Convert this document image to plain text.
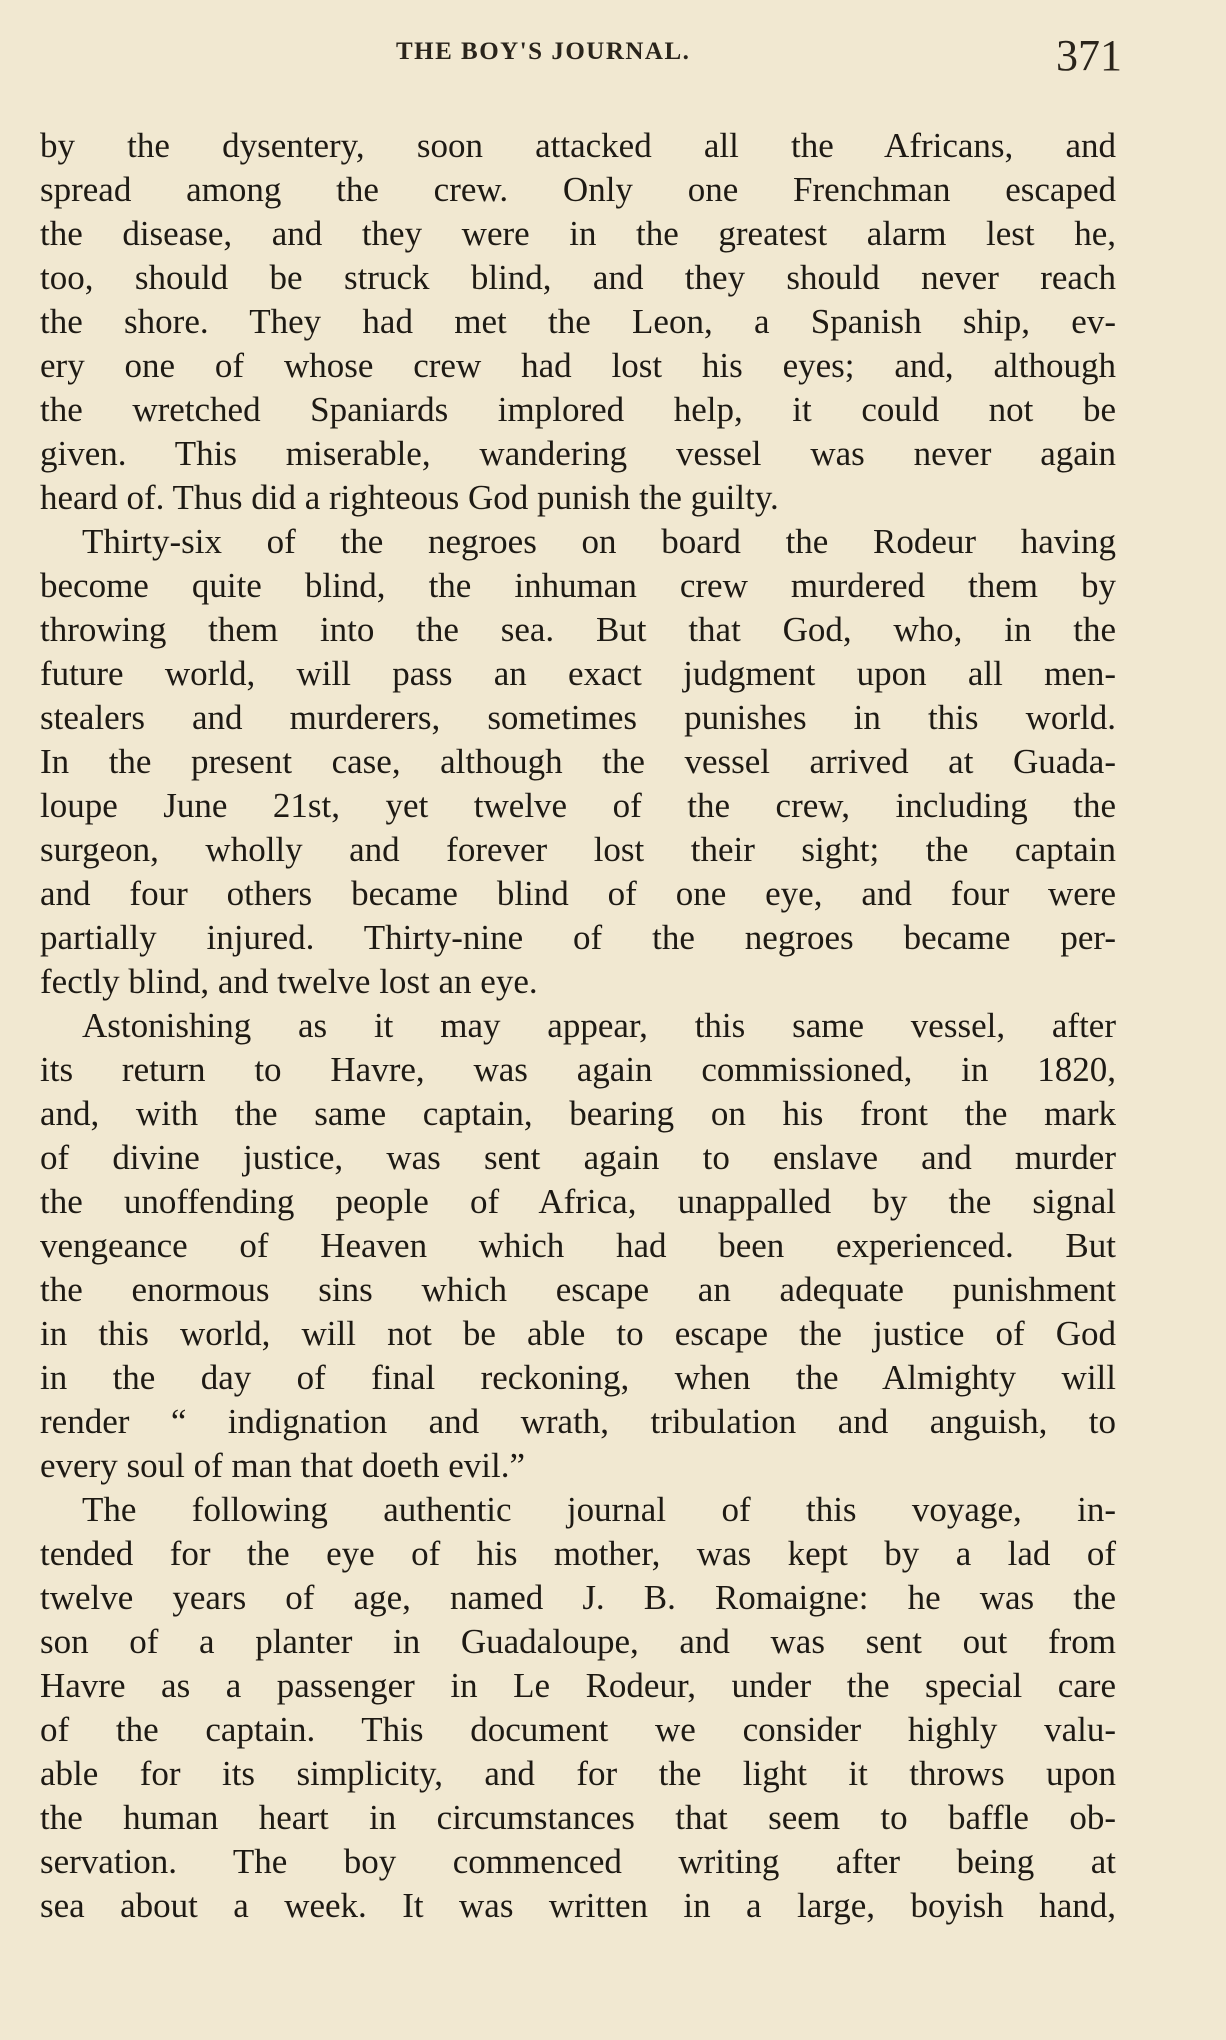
THE BOY'S JOURNAL.	371
by the dysentery, soon attacked all the Africans, and
spread among the crew. Only one Frenchman escaped
the disease, and they were in the greatest alarm lest he,
too, should be struck blind, and they should never reach
the shore. They had met the Leon, a Spanish ship, ev-
ery one of whose crew had lost his eyes; and, although
the wretched Spaniards implored help, it could not be
given. This miserable, wandering vessel was never again
heard of. Thus did a righteous God punish the guilty.
Thirty-six of the negroes on board the Rodeur having
become quite blind, the inhuman crew murdered them by
throwing them into the sea. But that God, who, in the
future world, will pass an exact judgment upon all men-
stealers and murderers, sometimes punishes in this world.
In the present case, although the vessel arrived at Guada-
loupe June 21st, yet twelve of the crew, including the
surgeon, wholly and forever lost their sight; the captain
and four others became blind of one eye, and four were
partially injured. Thirty-nine of the negroes became per-
fectly blind, and twelve lost an eye.
Astonishing as it may appear, this same vessel, after
its return to Havre, was again commissioned, in 1820,
and, with the same captain, bearing on his front the mark
of divine justice, was sent again to enslave and murder
the unoffending people of Africa, unappalled by the signal
vengeance of Heaven which had been experienced. But
the enormous sins which escape an adequate punishment
in this world, will not be able to escape the justice of God
in the day of final reckoning, when the Almighty will
render “ indignation and wrath, tribulation and anguish, to
every soul of man that doeth evil.”
The following authentic journal of this voyage, in-
tended for the eye of his mother, was kept by a lad of
twelve years of age, named J. B. Romaigne: he was the
son of a planter in Guadaloupe, and was sent out from
Havre as a passenger in Le Rodeur, under the special care
of the captain. This document we consider highly valu-
able for its simplicity, and for the light it throws upon
the human heart in circumstances that seem to baffle ob-
servation. The boy commenced writing after being at
sea about a week. It was written in a large, boyish hand,
